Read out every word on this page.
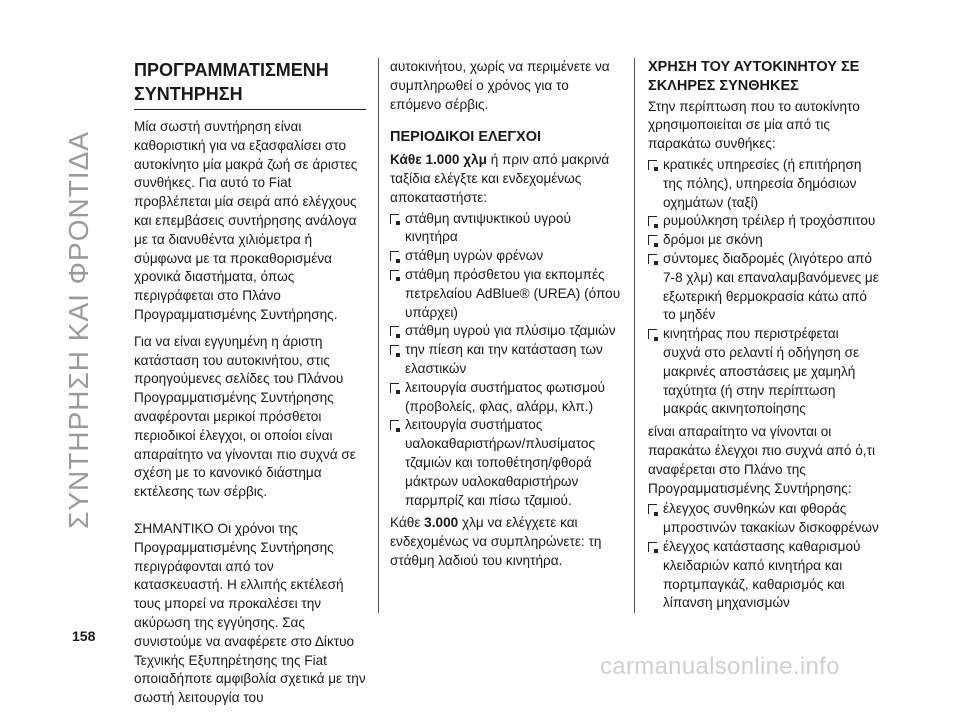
ΣΥΝΤΗΡΗΣΗ ΚΑΙ ΦΡΟΝΤΙΔΑ
ΠΡΟΓΡΑΜΜΑΤΙΣΜΕΝΗ ΣΥΝΤΗΡΗΣΗ

Μία σωστή συντήρηση είναι καθοριστική για να εξασφαλίσει στο αυτοκίνητο μία μακρά ζωή σε άριστες συνθήκες. Για αυτό το Fiat προβλέπεται μία σειρά από ελέγχους και επεμβάσεις συντήρησης ανάλογα με τα διανυθέντα χιλιόμετρα ή σύμφωνα με τα προκαθορισμένα χρονικά διαστήματα, όπως περιγράφεται στο Πλάνο Προγραμματισμένης Συντήρησης.

Για να είναι εγγυημένη η άριστη κατάσταση του αυτοκινήτου, στις προηγούμενες σελίδες του Πλάνου Προγραμματισμένης Συντήρησης αναφέρονται μερικοί πρόσθετοι περιοδικοί έλεγχοι, οι οποίοι είναι απαραίτητο να γίνονται πιο συχνά σε σχέση με το κανονικό διάστημα εκτέλεσης των σέρβις.

ΣΗΜΑΝΤΙΚΟ Οι χρόνοι της Προγραμματισμένης Συντήρησης περιγράφονται από τον κατασκευαστή. Η ελλιπής εκτέλεσή τους μπορεί να προκαλέσει την ακύρωση της εγγύησης. Σας συνιστούμε να αναφέρετε στο Δίκτυο Τεχνικής Εξυπηρέτησης της Fiat οποιαδήποτε αμφιβολία σχετικά με την σωστή λειτουργία του

αυτοκινήτου, χωρίς να περιμένετε να συμπληρωθεί ο χρόνος για το επόμενο σέρβις.

ΠΕΡΙΟΔΙΚΟΙ ΕΛΕΓΧΟΙ

Κάθε 1.000 χλμ ή πριν από μακρινά ταξίδια ελέγξτε και ενδεχομένως αποκαταστήστε:

στάθμη αντιψυκτικού υγρού κινητήρα
στάθμη υγρών φρένων
στάθμη πρόσθετου για εκπομπές πετρελαίου AdBlue® (UREA) (όπου υπάρχει)
στάθμη υγρού για πλύσιμο τζαμιών
την πίεση και την κατάσταση των ελαστικών
λειτουργία συστήματος φωτισμού (προβολείς, φλας, αλάρμ, κλπ.)
λειτουργία συστήματος υαλοκαθαριστήρων/πλυσίματος τζαμιών και τοποθέτηση/φθορά μάκτρων υαλοκαθαριστήρων παρμπρίζ και πίσω τζαμιού.

Κάθε 3.000 χλμ να ελέγχετε και ενδεχομένως να συμπληρώνετε: τη στάθμη λαδιού του κινητήρα.

ΧΡΗΣΗ ΤΟΥ ΑΥΤΟΚΙΝΗΤΟΥ ΣΕ ΣΚΛΗΡΕΣ ΣΥΝΘΗΚΕΣ

Στην περίπτωση που το αυτοκίνητο χρησιμοποιείται σε μία από τις παρακάτω συνθήκες:

κρατικές υπηρεσίες (ή επιτήρηση της πόλης), υπηρεσία δημόσιων οχημάτων (ταξί)
ρυμούλκηση τρέιλερ ή τροχόσπιτου
δρόμοι με σκόνη
σύντομες διαδρομές (λιγότερο από 7-8 χλμ) και επαναλαμβανόμενες με εξωτερική θερμοκρασία κάτω από το μηδέν
κινητήρας που περιστρέφεται συχνά στο ρελαντί ή οδήγηση σε μακρινές αποστάσεις με χαμηλή ταχύτητα (ή στην περίπτωση μακράς ακινητοποίησης

είναι απαραίτητο να γίνονται οι παρακάτω έλεγχοι πιο συχνά από ό,τι αναφέρεται στο Πλάνο της Προγραμματισμένης Συντήρησης:

έλεγχος συνθηκών και φθοράς μπροστινών τακακίων δισκοφρένων
έλεγχος κατάστασης καθαρισμού κλειδαριών καπό κινητήρα και πορτμπαγκάζ, καθαρισμός και λίπανση μηχανισμών
158
carmanualsonline.info
